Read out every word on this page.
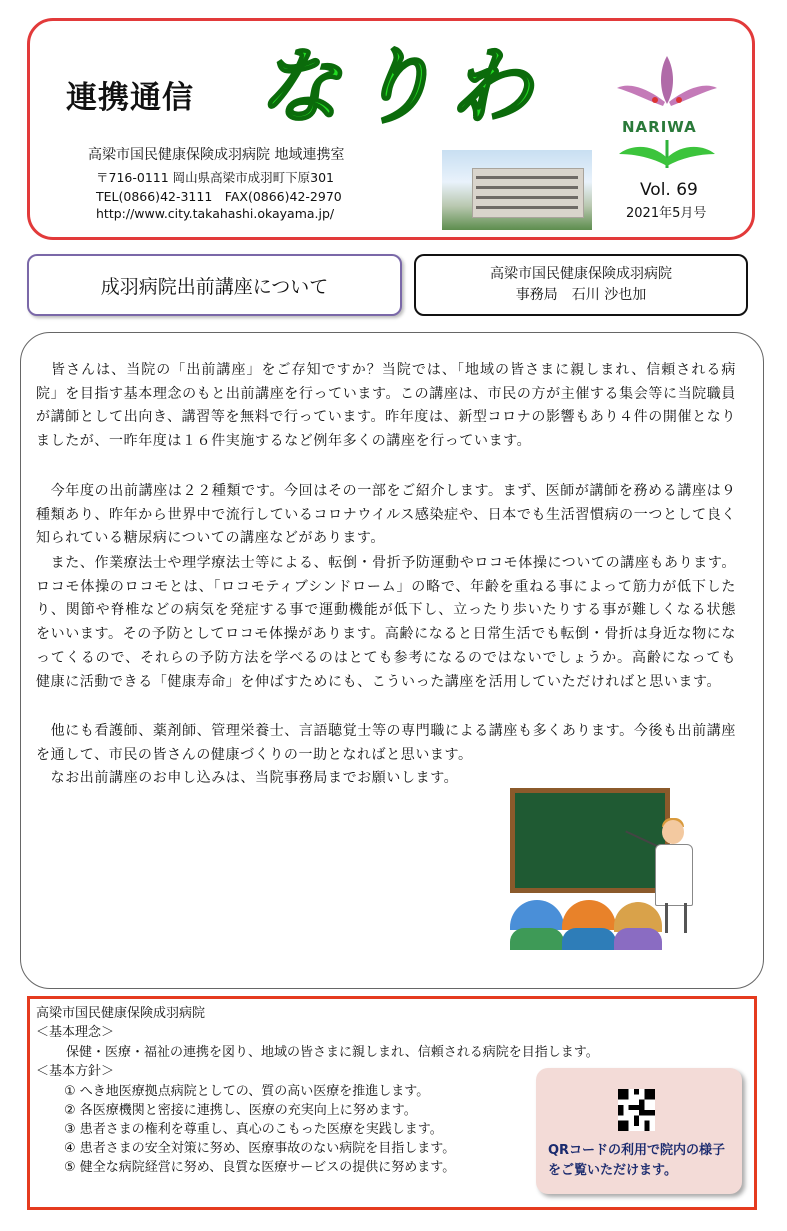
連携通信 なりわ
高梁市国民健康保険成羽病院 地域連携室
〒716-0111 岡山県高梁市成羽町下原301
TEL(0866)42-3111　FAX(0866)42-2970
http://www.city.takahashi.okayama.jp/
NARIWA
Vol. 69
2021年5月号
成羽病院出前講座について
高梁市国民健康保険成羽病院
事務局　石川 沙也加
　皆さんは、当院の「出前講座」をご存知ですか？当院では、「地域の皆さまに親しまれ、信頼される病院」を目指す基本理念のもと出前講座を行っています。この講座は、市民の方が主催する集会等に当院職員が講師として出向き、講習等を無料で行っています。昨年度は、新型コロナの影響もあり４件の開催となりましたが、一昨年度は１６件実施するなど例年多くの講座を行っています。
　今年度の出前講座は２２種類です。今回はその一部をご紹介します。まず、医師が講師を務める講座は９種類あり、昨年から世界中で流行しているコロナウイルス感染症や、日本でも生活習慣病の一つとして良く知られている糖尿病についての講座などがあります。
　また、作業療法士や理学療法士等による、転倒・骨折予防運動やロコモ体操についての講座もあります。ロコモ体操のロコモとは、「ロコモティブシンドローム」の略で、年齢を重ねる事によって筋力が低下したり、関節や脊椎などの病気を発症する事で運動機能が低下し、立ったり歩いたりする事が難しくなる状態をいいます。その予防としてロコモ体操があります。高齢になると日常生活でも転倒・骨折は身近な物になってくるので、それらの予防方法を学べるのはとても参考になるのではないでしょうか。高齢になっても健康に活動できる「健康寿命」を伸ばすためにも、こういった講座を活用していただければと思います。
　他にも看護師、薬剤師、管理栄養士、言語聴覚士等の専門職による講座も多くあります。今後も出前講座を通して、市民の皆さんの健康づくりの一助となればと思います。
　なお出前講座のお申し込みは、当院事務局までお願いします。
高梁市国民健康保険成羽病院
＜基本理念＞
保健・医療・福祉の連携を図り、地域の皆さまに親しまれ、信頼される病院を目指します。
＜基本方針＞
① へき地医療拠点病院としての、質の高い医療を推進します。
② 各医療機関と密接に連携し、医療の充実向上に努めます。
③ 患者さまの権利を尊重し、真心のこもった医療を実践します。
④ 患者さまの安全対策に努め、医療事故のない病院を目指します。
⑤ 健全な病院経営に努め、良質な医療サービスの提供に努めます。
QRコードの利用で院内の様子をご覧いただけます。
